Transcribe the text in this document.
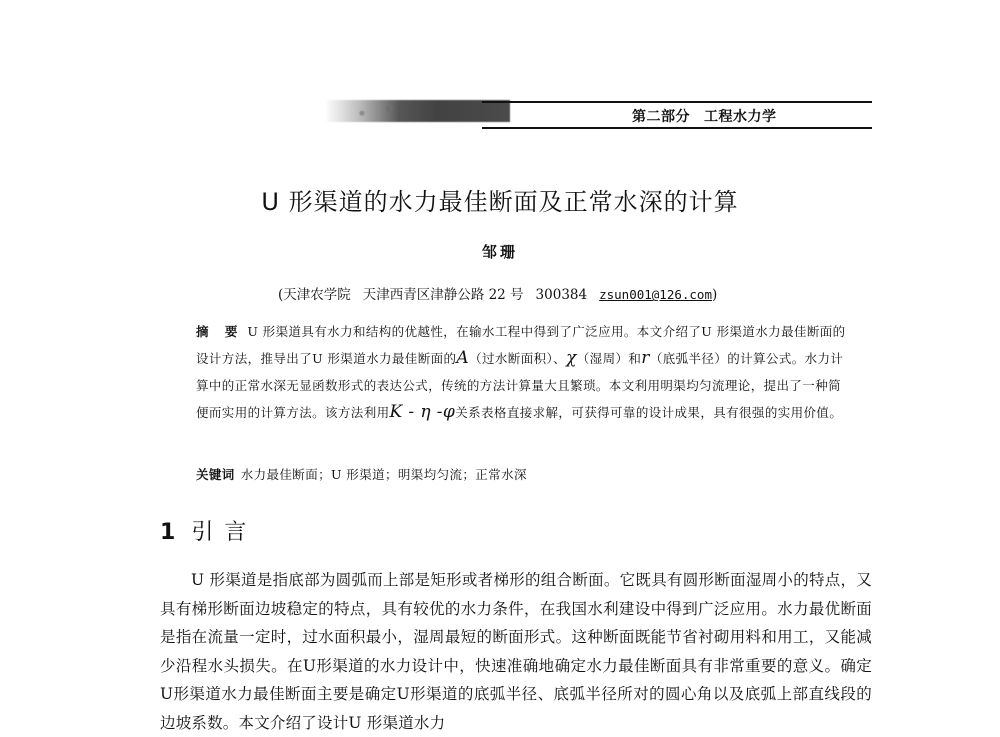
第二部分 工程水力学
U 形渠道的水力最佳断面及正常水深的计算
邹珊
(天津农学院 天津西青区津静公路 22 号 300384 zsun001@126.com)
摘 要 U 形渠道具有水力和结构的优越性，在输水工程中得到了广泛应用。本文介绍了U 形渠道水力最佳断面的设计方法，推导出了U 形渠道水力最佳断面的A（过水断面积）、χ（湿周）和r（底弧半径）的计算公式。水力计算中的正常水深无显函数形式的表达公式，传统的方法计算量大且繁琐。本文利用明渠均匀流理论，提出了一种简便而实用的计算方法。该方法利用K - η -φ关系表格直接求解，可获得可靠的设计成果，具有很强的实用价值。
关键词 水力最佳断面；U 形渠道；明渠均匀流；正常水深
1 引 言

U 形渠道是指底部为圆弧而上部是矩形或者梯形的组合断面。它既具有圆形断面湿周小的特点，又具有梯形断面边坡稳定的特点，具有较优的水力条件，在我国水利建设中得到广泛应用。水力最优断面是指在流量一定时，过水面积最小，湿周最短的断面形式。这种断面既能节省衬砌用料和用工，又能减少沿程水头损失。在U形渠道的水力设计中，快速准确地确定水力最佳断面具有非常重要的意义。确定U形渠道水力最佳断面主要是确定U形渠道的底弧半径、底弧半径所对的圆心角以及底弧上部直线段的边坡系数。本文介绍了设计U 形渠道水力
